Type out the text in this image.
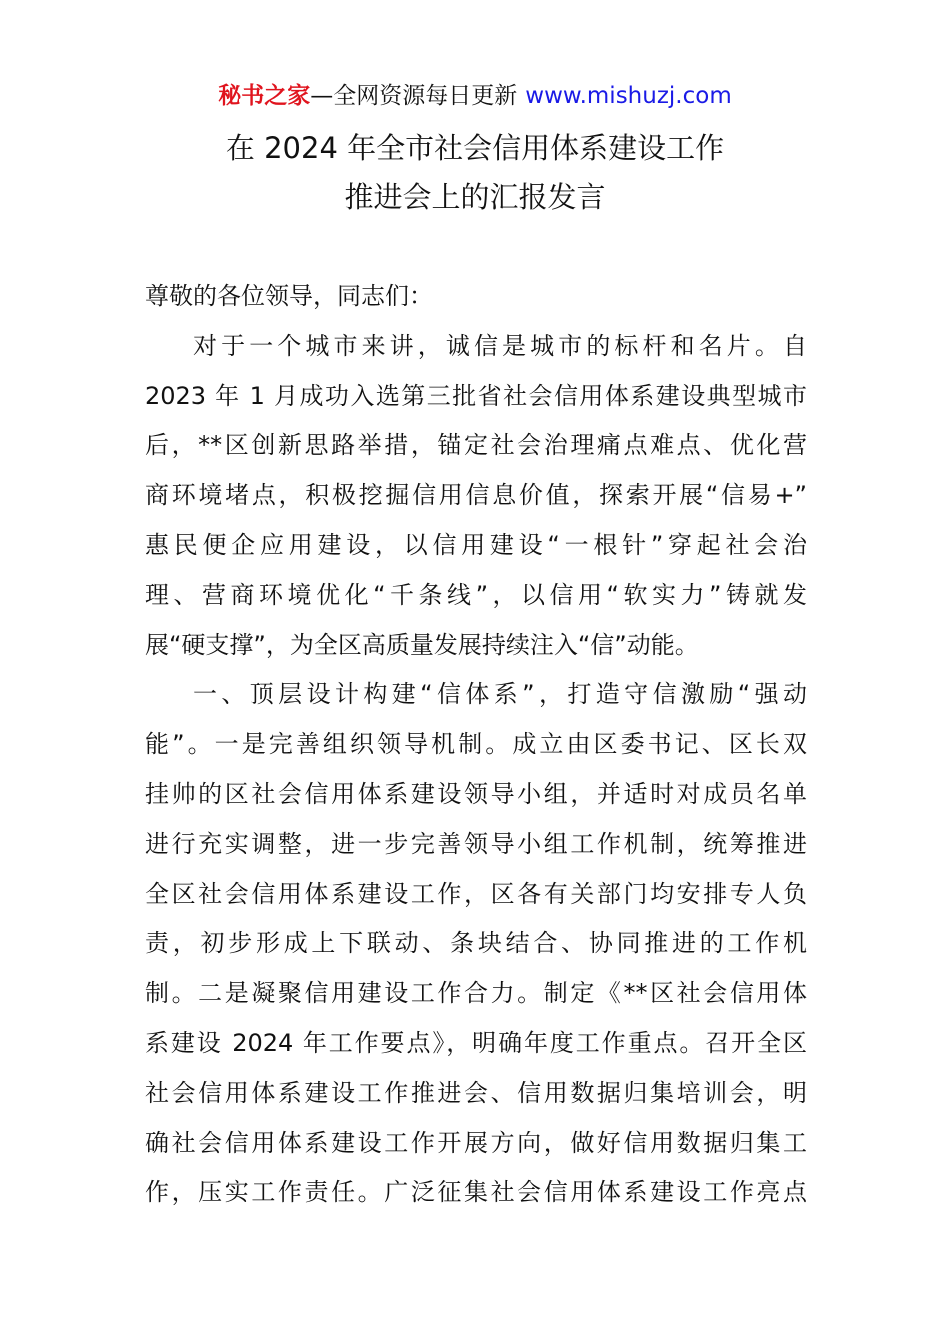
秘书之家—全网资源每日更新 www.mishuzj.com
在 2024 年全市社会信用体系建设工作
推进会上的汇报发言
尊敬的各位领导，同志们：
对于一个城市来讲，诚信是城市的标杆和名片。自
2023 年 1 月成功入选第三批省社会信用体系建设典型城市
后，**区创新思路举措，锚定社会治理痛点难点、优化营
商环境堵点，积极挖掘信用信息价值，探索开展“信易+”
惠民便企应用建设，以信用建设“一根针”穿起社会治
理、营商环境优化“千条线”，以信用“软实力”铸就发
展“硬支撑”，为全区高质量发展持续注入“信”动能。
一、顶层设计构建“信体系”，打造守信激励“强动
能”。一是完善组织领导机制。成立由区委书记、区长双
挂帅的区社会信用体系建设领导小组，并适时对成员名单
进行充实调整，进一步完善领导小组工作机制，统筹推进
全区社会信用体系建设工作，区各有关部门均安排专人负
责，初步形成上下联动、条块结合、协同推进的工作机
制。二是凝聚信用建设工作合力。制定《**区社会信用体
系建设 2024 年工作要点》，明确年度工作重点。召开全区
社会信用体系建设工作推进会、信用数据归集培训会，明
确社会信用体系建设工作开展方向，做好信用数据归集工
作，压实工作责任。广泛征集社会信用体系建设工作亮点
